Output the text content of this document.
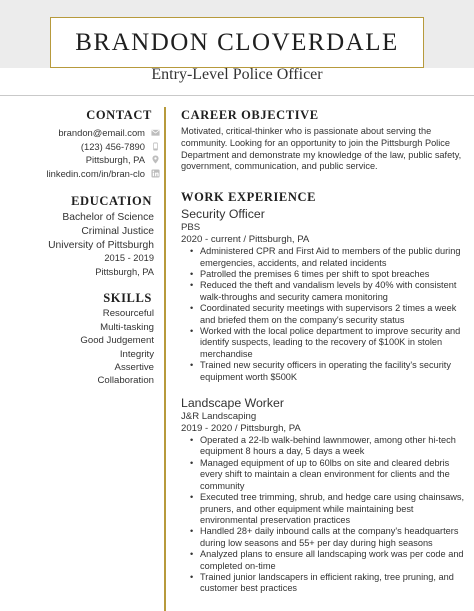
BRANDON CLOVERDALE
Entry-Level Police Officer
CONTACT
brandon@email.com
(123) 456-7890
Pittsburgh, PA
linkedin.com/in/bran-clo
EDUCATION
Bachelor of Science
Criminal Justice
University of Pittsburgh
2015 - 2019
Pittsburgh, PA
SKILLS
Resourceful
Multi-tasking
Good Judgement
Integrity
Assertive
Collaboration
CAREER OBJECTIVE
Motivated, critical-thinker who is passionate about serving the community. Looking for an opportunity to join the Pittsburgh Police Department and demonstrate my knowledge of the law, public safety, government, communication, and public service.
WORK EXPERIENCE
Security Officer
PBS
2020 - current / Pittsburgh, PA
• Administered CPR and First Aid to members of the public during emergencies, accidents, and related incidents
• Patrolled the premises 6 times per shift to spot breaches
• Reduced the theft and vandalism levels by 40% with consistent walk-throughs and security camera monitoring
• Coordinated security meetings with supervisors 2 times a week and briefed them on the company's security status
• Worked with the local police department to improve security and identify suspects, leading to the recovery of $100K in stolen merchandise
• Trained new security officers in operating the facility's security equipment worth $500K
Landscape Worker
J&R Landscaping
2019 - 2020 / Pittsburgh, PA
• Operated a 22-lb walk-behind lawnmower, among other hi-tech equipment 8 hours a day, 5 days a week
• Managed equipment of up to 60lbs on site and cleared debris every shift to maintain a clean environment for clients and the community
• Executed tree trimming, shrub, and hedge care using chainsaws, pruners, and other equipment while maintaining best environmental preservation practices
• Handled 28+ daily inbound calls at the company's headquarters during low seasons and 55+ per day during high seasons
• Analyzed plans to ensure all landscaping work was per code and completed on-time
• Trained junior landscapers in efficient raking, tree pruning, and customer best practices
